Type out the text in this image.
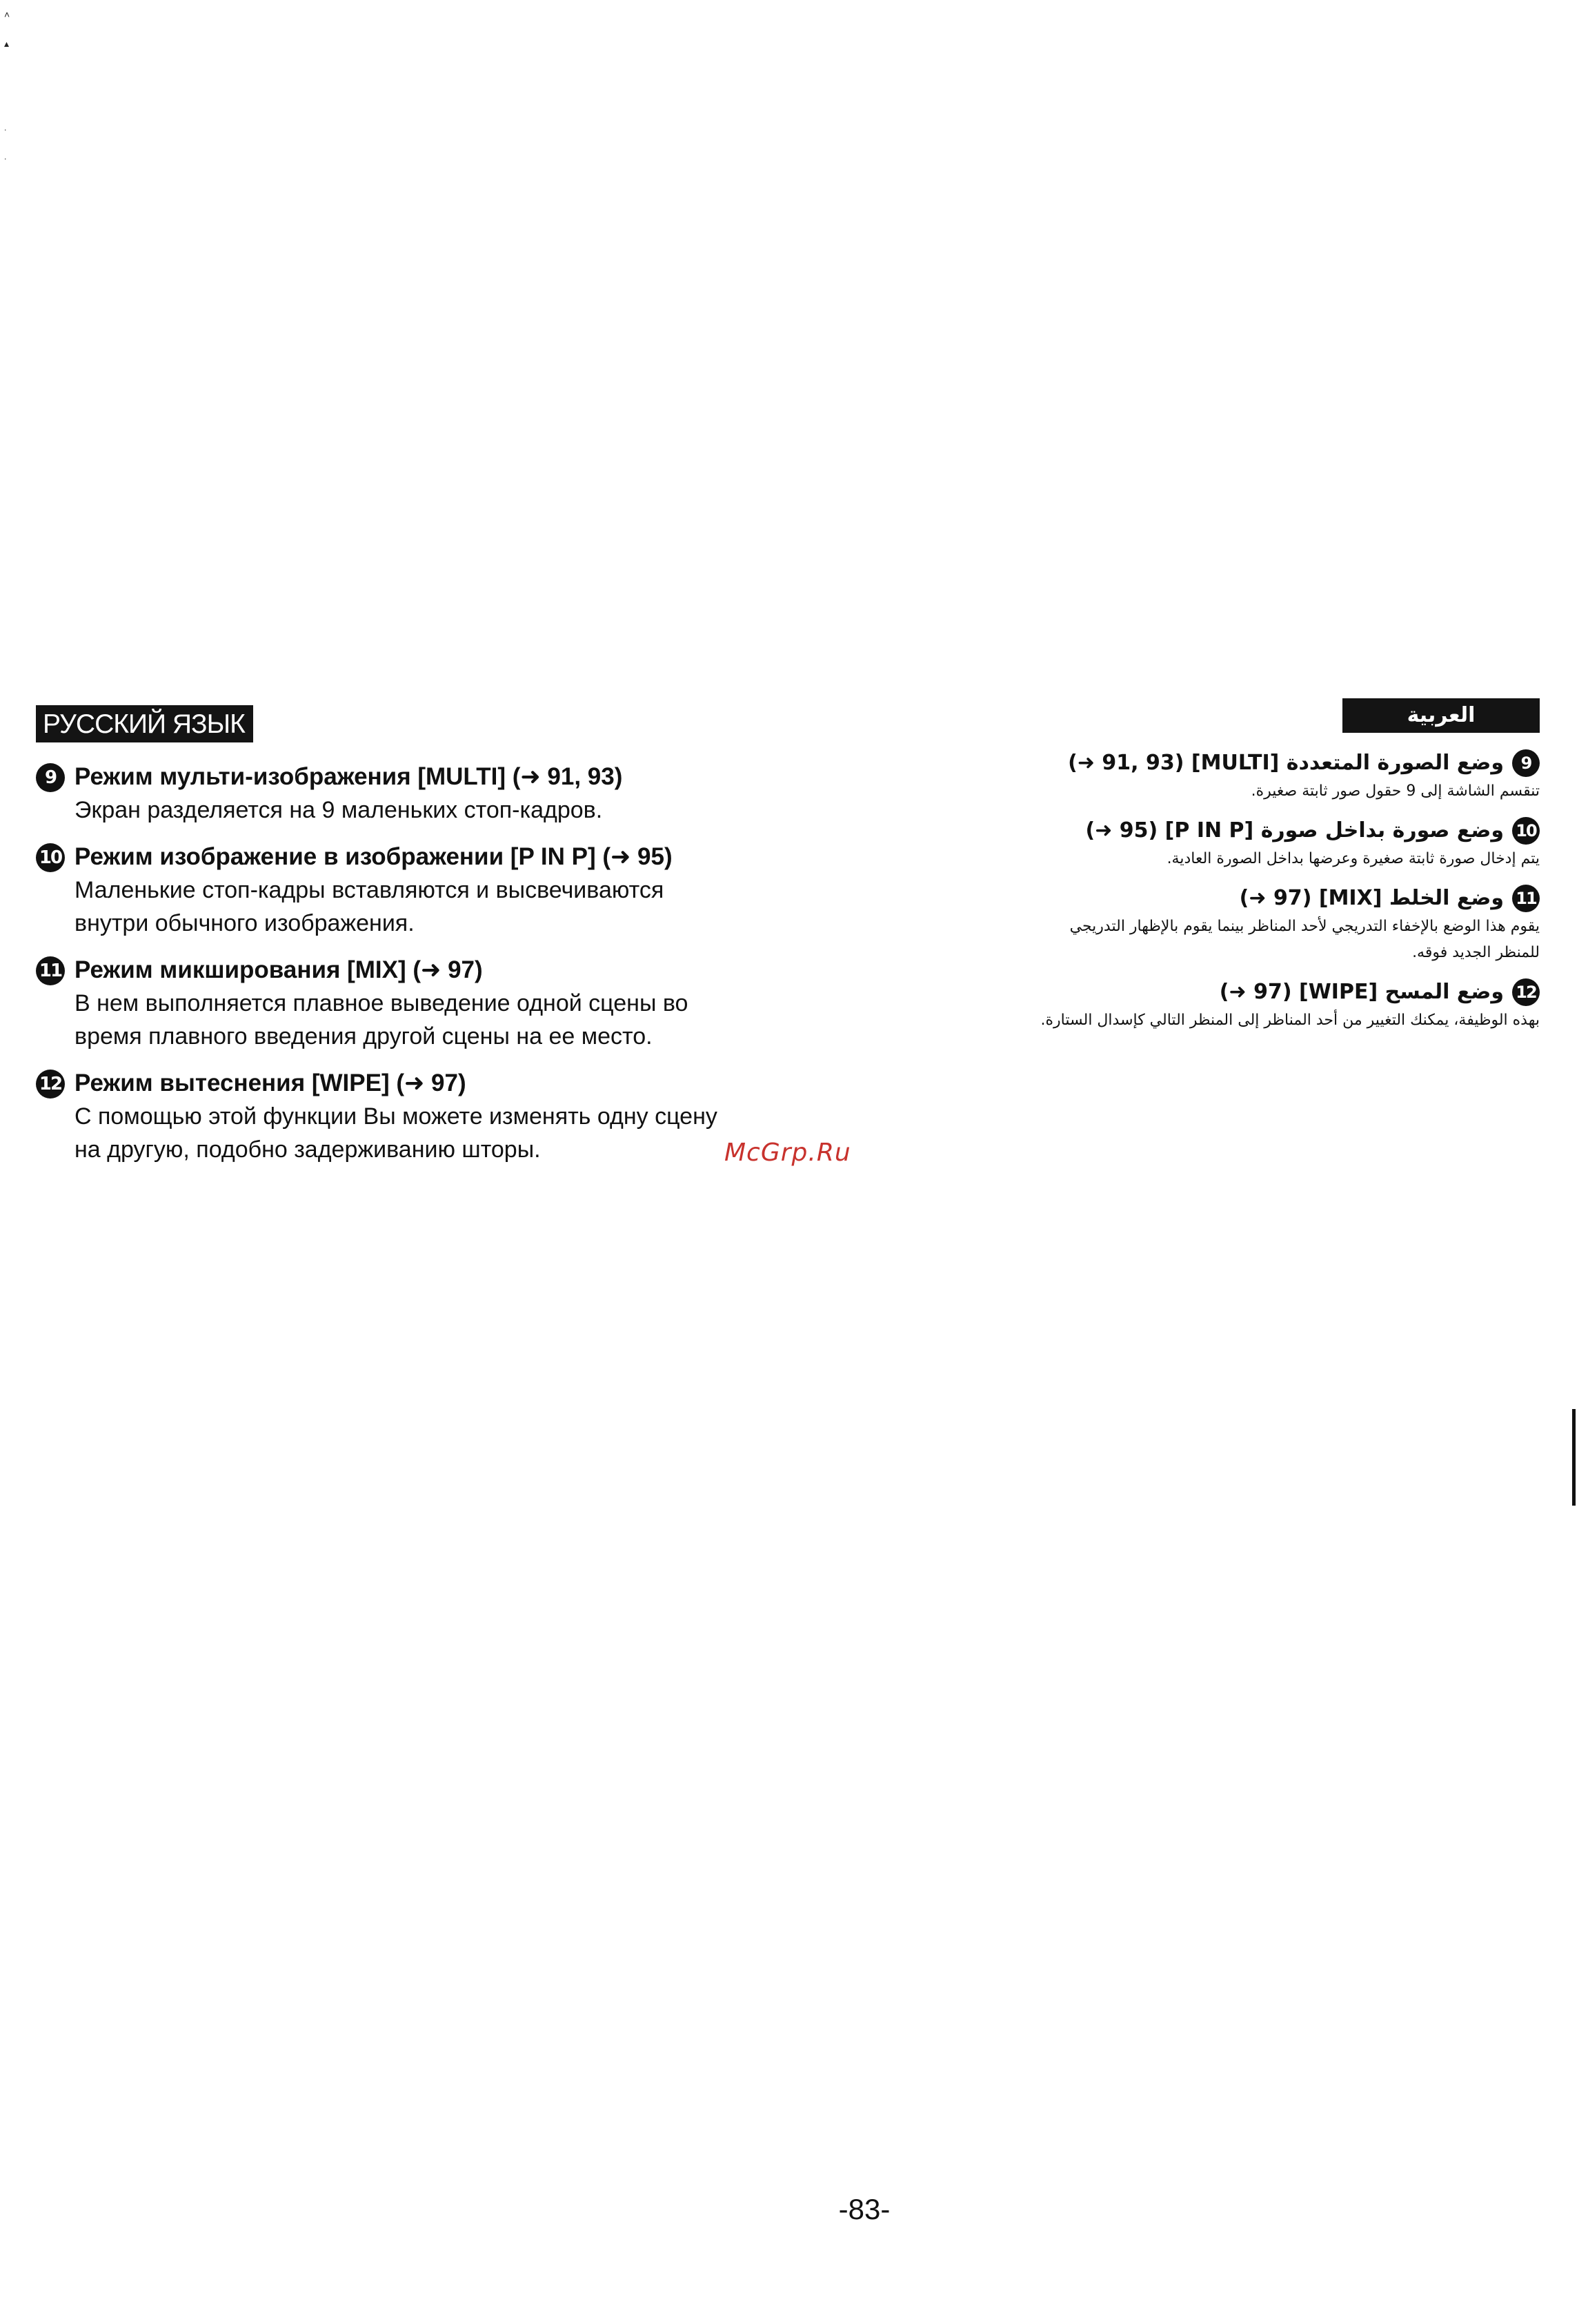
˄
▴
˙
˙
РУССКИЙ ЯЗЫК
9 Режим мульти-изображения [MULTI] (➜ 91, 93)
Экран разделяется на 9 маленьких стоп-кадров.
10 Режим изображение в изображении [P IN P] (➜ 95)
Маленькие стоп-кадры вставляются и высвечиваются
внутри обычного изображения.
11 Режим микширования [MIX] (➜ 97)
В нем выполняется плавное выведение одной сцены во
время плавного введения другой сцены на ее место.
12 Режим вытеснения [WIPE] (➜ 97)
С помощью этой функции Вы можете изменять одну сцену
на другую, подобно задерживанию шторы.	McGrp.Ru
العربية
9
وضع الصورة المتعددة [MULTI] (91, 93 ➜)
تنقسم الشاشة إلى 9 حقول صور ثابتة صغيرة.
10
وضع صورة بداخل صورة [P IN P] (95 ➜)
يتم إدخال صورة ثابتة صغيرة وعرضها بداخل الصورة العادية.
11
وضع الخلط [MIX] (97 ➜)
يقوم هذا الوضع بالإخفاء التدريجي لأحد المناظر بينما يقوم بالإظهار التدريجي
للمنظر الجديد فوقه.
12
وضع المسح [WIPE] (97 ➜)
بهذه الوظيفة، يمكنك التغيير من أحد المناظر إلى المنظر التالي كإسدال الستارة.
-83-
